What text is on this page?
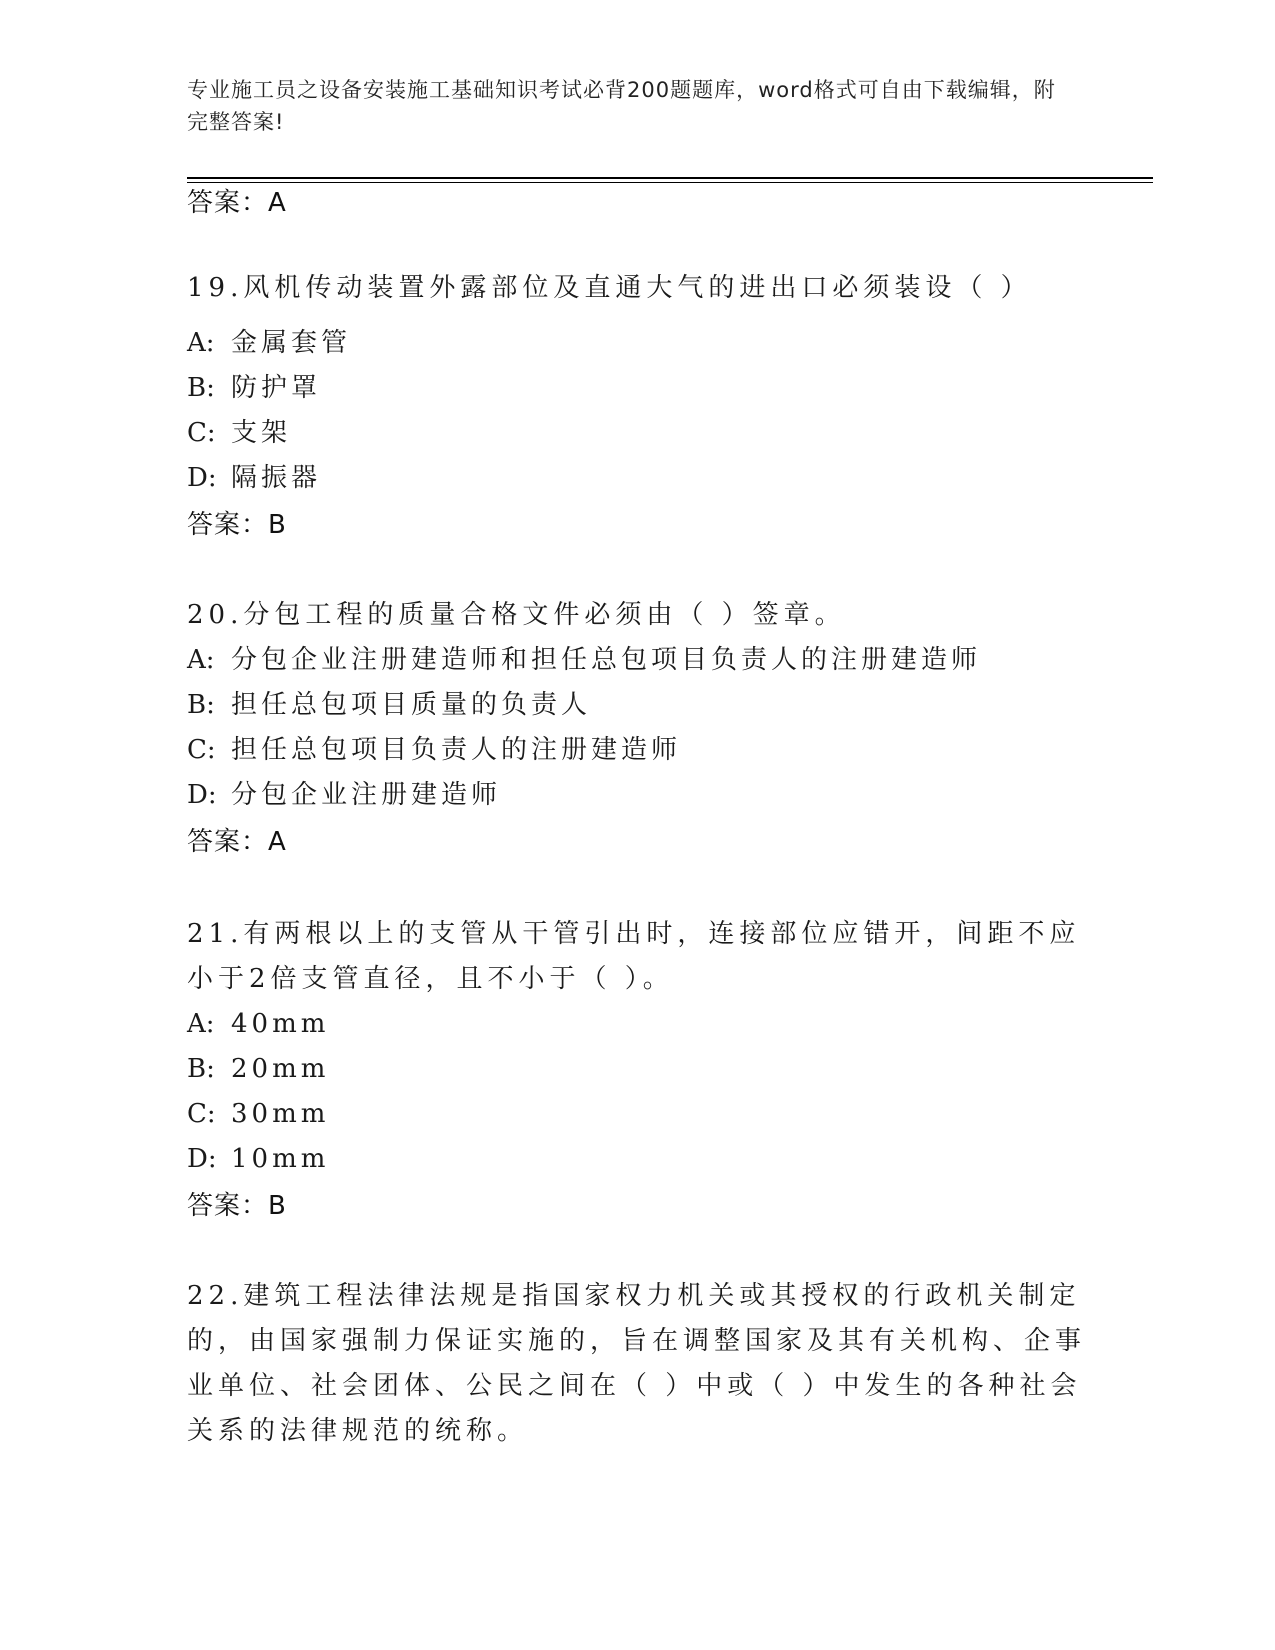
专业施工员之设备安装施工基础知识考试必背200题题库，word格式可自由下载编辑，附完整答案!
答案：A
19.风机传动装置外露部位及直通大气的进出口必须装设（ ）
A: 金属套管
B: 防护罩
C: 支架
D: 隔振器
答案：B
20.分包工程的质量合格文件必须由（ ）签章。
A: 分包企业注册建造师和担任总包项目负责人的注册建造师
B: 担任总包项目质量的负责人
C: 担任总包项目负责人的注册建造师
D: 分包企业注册建造师
答案：A
21.有两根以上的支管从干管引出时，连接部位应错开，间距不应小于2倍支管直径，且不小于（ ）。
A: 40mm
B: 20mm
C: 30mm
D: 10mm
答案：B
22.建筑工程法律法规是指国家权力机关或其授权的行政机关制定的，由国家强制力保证实施的，旨在调整国家及其有关机构、企事业单位、社会团体、公民之间在（ ）中或（ ）中发生的各种社会关系的法律规范的统称。
